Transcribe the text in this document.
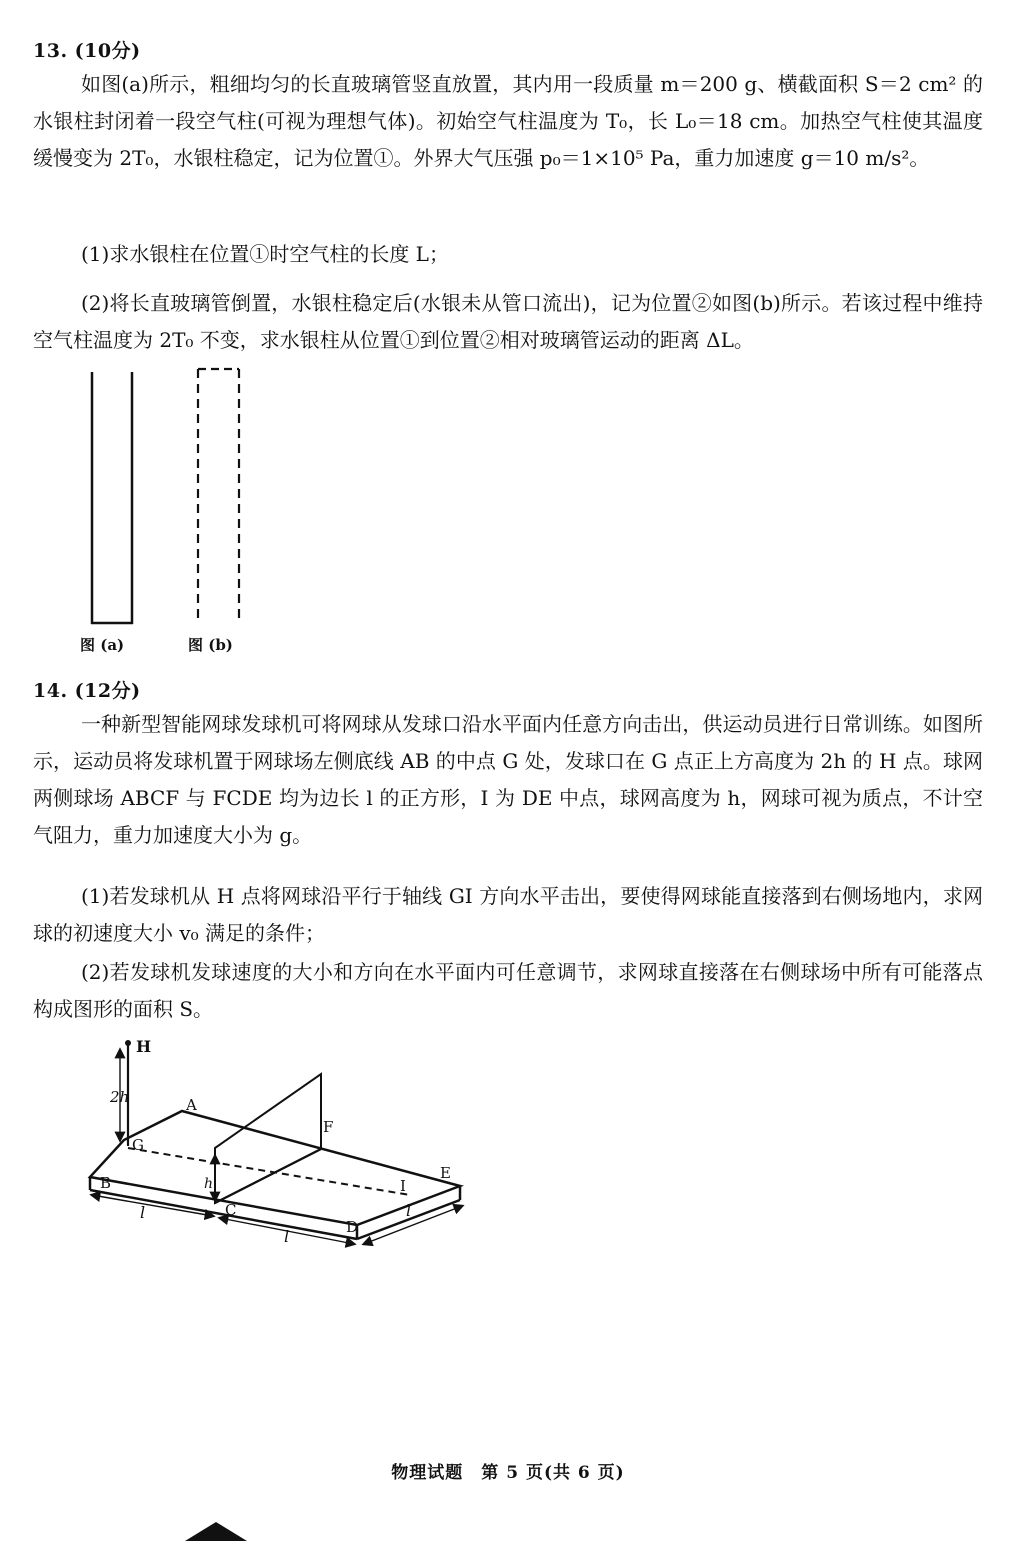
13. (10分)
如图(a)所示，粗细均匀的长直玻璃管竖直放置，其内用一段质量 m＝200 g、横截面积 S＝2 cm² 的水银柱封闭着一段空气柱(可视为理想气体)。初始空气柱温度为 T₀，长 L₀＝18 cm。加热空气柱使其温度缓慢变为 2T₀，水银柱稳定，记为位置①。外界大气压强 p₀＝1×10⁵ Pa，重力加速度 g＝10 m/s²。
(1)求水银柱在位置①时空气柱的长度 L；
(2)将长直玻璃管倒置，水银柱稳定后(水银未从管口流出)，记为位置②如图(b)所示。若该过程中维持空气柱温度为 2T₀ 不变，求水银柱从位置①到位置②相对玻璃管运动的距离 ΔL。
图 (a)	图 (b)
14. (12分)
一种新型智能网球发球机可将网球从发球口沿水平面内任意方向击出，供运动员进行日常训练。如图所示，运动员将发球机置于网球场左侧底线 AB 的中点 G 处，发球口在 G 点正上方高度为 2h 的 H 点。球网两侧球场 ABCF 与 FCDE 均为边长 l 的正方形，I 为 DE 中点，球网高度为 h，网球可视为质点，不计空气阻力，重力加速度大小为 g。
(1)若发球机从 H 点将网球沿平行于轴线 GI 方向水平击出，要使得网球能直接落到右侧场地内，求网球的初速度大小 v₀ 满足的条件；
(2)若发球机发球速度的大小和方向在水平面内可任意调节，求网球直接落在右侧球场中所有可能落点构成图形的面积 S。
H
2h	A
F
E
G
B	h
C
I
D
l
l
l
物理试题　第 5 页(共 6 页)
